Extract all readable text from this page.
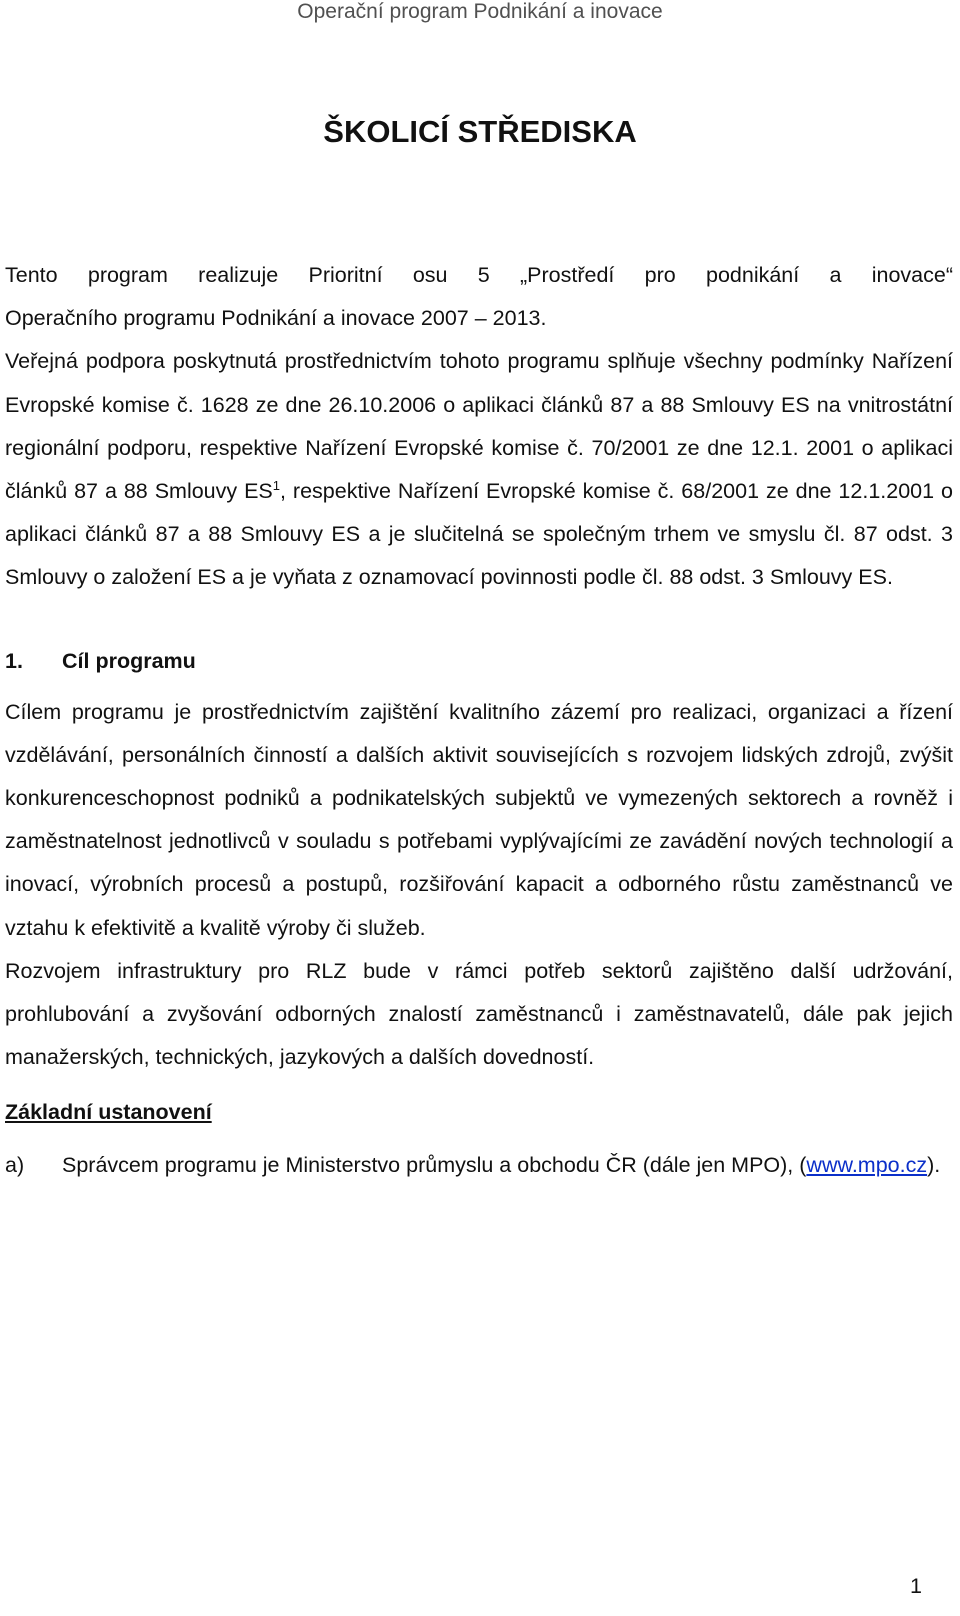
Operační program Podnikání a inovace
ŠKOLICÍ STŘEDISKA

Tento program realizuje Prioritní osu 5 „Prostředí pro podnikání a inovace“

Operačního programu Podnikání a inovace 2007 – 2013.

Veřejná podpora poskytnutá prostřednictvím tohoto programu splňuje všechny podmínky Nařízení Evropské komise č. 1628 ze dne 26.10.2006 o aplikaci článků 87 a 88 Smlouvy ES na vnitrostátní regionální podporu, respektive Nařízení Evropské komise č. 70/2001 ze dne 12.1. 2001 o aplikaci článků 87 a 88 Smlouvy ES$^1$, respektive Nařízení Evropské komise č. 68/2001 ze dne 12.1.2001 o aplikaci článků 87 a 88 Smlouvy ES a je slučitelná se společným trhem ve smyslu čl. 87 odst. 3 Smlouvy o založení ES a je vyňata z oznamovací povinnosti podle čl. 88 odst. 3 Smlouvy ES.

1. Cíl programu

Cílem programu je prostřednictvím zajištění kvalitního zázemí pro realizaci, organizaci a řízení vzdělávání, personálních činností a dalších aktivit souvisejících s rozvojem lidských zdrojů, zvýšit konkurenceschopnost podniků a podnikatelských subjektů ve vymezených sektorech a rovněž i zaměstnatelnost jednotlivců v souladu s potřebami vyplývajícími ze zavádění nových technologií a inovací, výrobních procesů a postupů, rozšiřování kapacit a odborného růstu zaměstnanců ve vztahu k efektivitě a kvalitě výroby či služeb.

Rozvojem infrastruktury pro RLZ bude v rámci potřeb sektorů zajištěno další udržování, prohlubování a zvyšování odborných znalostí zaměstnanců i zaměstnavatelů, dále pak jejich manažerských, technických, jazykových a dalších dovedností.

Základní ustanovení
a)	Správcem programu je Ministerstvo průmyslu a obchodu ČR (dále jen MPO), (www.mpo.cz).
1
